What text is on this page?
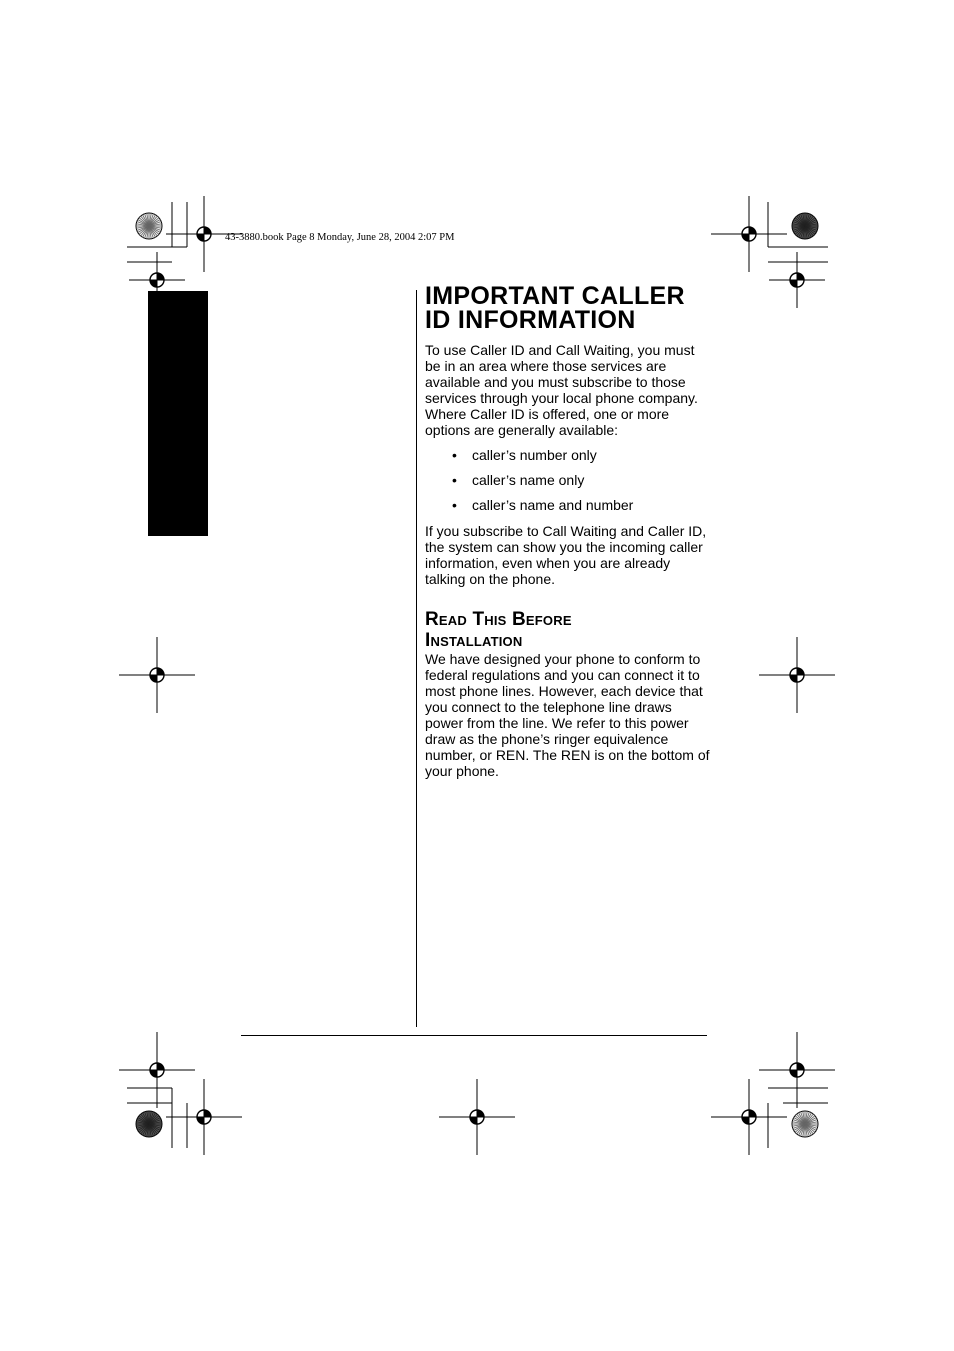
43-3880.book Page 8 Monday, June 28, 2004 2:07 PM
IMPORTANT CALLER
ID INFORMATION
To use Caller ID and Call Waiting, you must be in an area where those services are available and you must subscribe to those services through your local phone company. Where Caller ID is offered, one or more options are generally available:
• caller’s number only
• caller’s name only
• caller’s name and number
If you subscribe to Call Waiting and Caller ID, the system can show you the incoming caller information, even when you are already talking on the phone.
Read This Before
Installation
We have designed your phone to conform to federal regulations and you can connect it to most phone lines. However, each device that you connect to the telephone line draws power from the line. We refer to this power draw as the phone’s ringer equivalence number, or REN. The REN is on the bottom of your phone.
